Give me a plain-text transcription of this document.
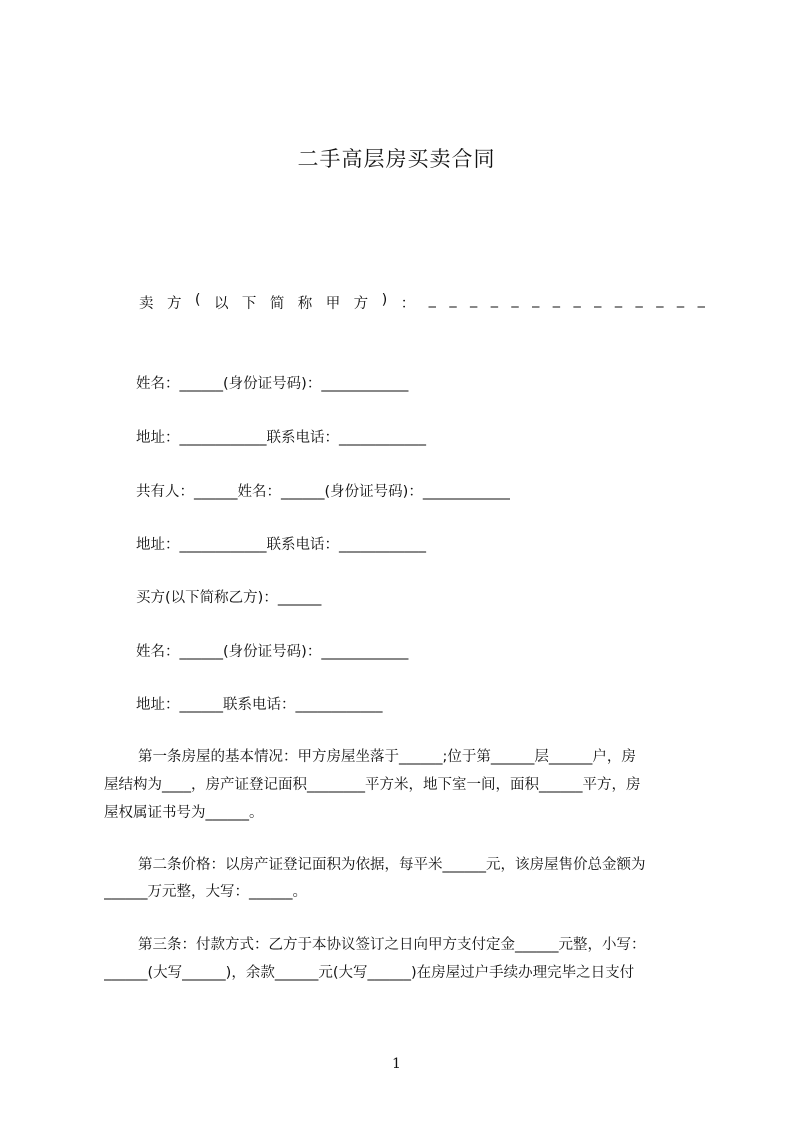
二手高层房买卖合同
卖 方 ( 以 下 简 称 甲 方 ) ： _ _ _ _ _ _ _ _ _ _ _ _ _ _
姓名：______(身份证号码)：____________
地址：____________联系电话：____________
共有人：______姓名：______(身份证号码)：____________
地址：____________联系电话：____________
买方(以下简称乙方)：______
姓名：______(身份证号码)：____________
地址：______联系电话：____________
第一条房屋的基本情况：甲方房屋坐落于______;位于第______层______户，房
屋结构为____，房产证登记面积________平方米，地下室一间，面积______平方，房
屋权属证书号为______。
第二条价格：以房产证登记面积为依据，每平米______元，该房屋售价总金额为
______万元整，大写：______。
第三条：付款方式：乙方于本协议签订之日向甲方支付定金______元整，小写：
______(大写______)，余款______元(大写______)在房屋过户手续办理完毕之日支付
1
